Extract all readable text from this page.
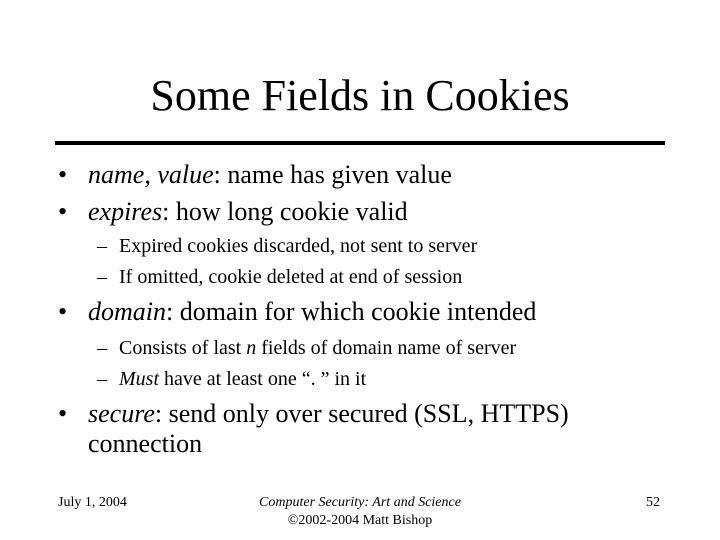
Some Fields in Cookies
• name, value: name has given value
• expires: how long cookie valid
– Expired cookies discarded, not sent to server
– If omitted, cookie deleted at end of session
• domain: domain for which cookie intended
– Consists of last n fields of domain name of server
– Must have at least one “. ” in it
• secure: send only over secured (SSL, HTTPS)
connection
July 1, 2004	Computer Security: Art and Science
©2002-2004 Matt Bishop
52
